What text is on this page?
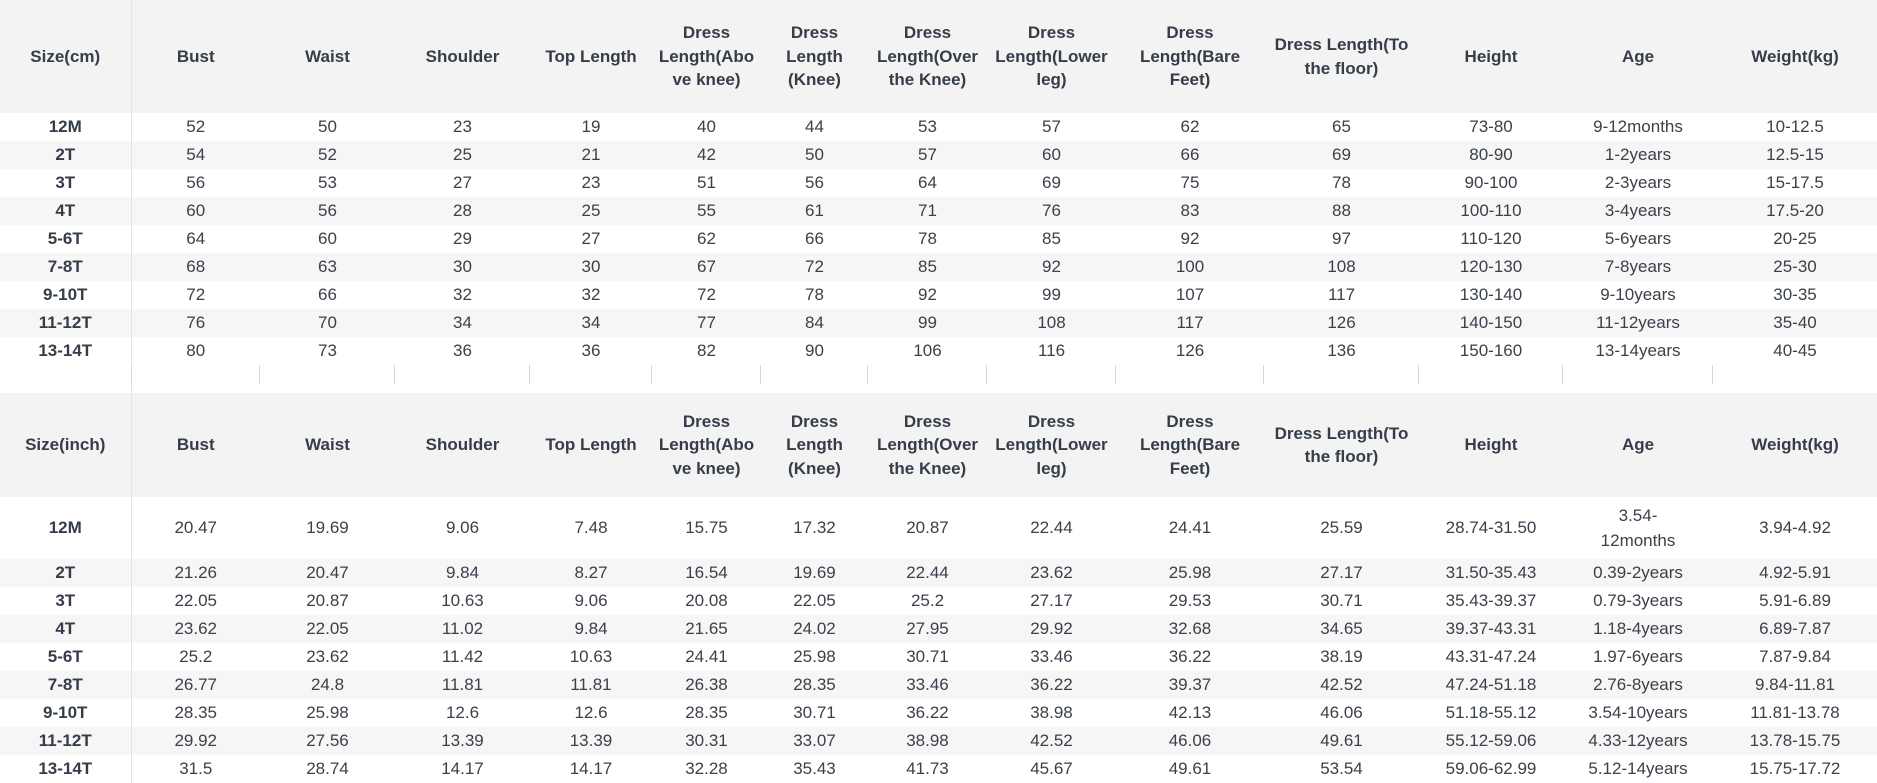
Size(cm)	Bust	Waist	Shoulder	Top Length	Dress Length(Above knee)	Dress Length (Knee)	Dress Length(Over the Knee)	Dress Length(Lower leg)	Dress Length(Bare Feet)	Dress Length(To the floor)	Height	Age	Weight(kg)
12M	52	50	23	19	40	44	53	57	62	65	73-80	9-12months	10-12.5
2T	54	52	25	21	42	50	57	60	66	69	80-90	1-2years	12.5-15
3T	56	53	27	23	51	56	64	69	75	78	90-100	2-3years	15-17.5
4T	60	56	28	25	55	61	71	76	83	88	100-110	3-4years	17.5-20
5-6T	64	60	29	27	62	66	78	85	92	97	110-120	5-6years	20-25
7-8T	68	63	30	30	67	72	85	92	100	108	120-130	7-8years	25-30
9-10T	72	66	32	32	72	78	92	99	107	117	130-140	9-10years	30-35
11-12T	76	70	34	34	77	84	99	108	117	126	140-150	11-12years	35-40
13-14T	80	73	36	36	82	90	106	116	126	136	150-160	13-14years	40-45

Size(inch)	Bust	Waist	Shoulder	Top Length	Dress Length(Above knee)	Dress Length (Knee)	Dress Length(Over the Knee)	Dress Length(Lower leg)	Dress Length(Bare Feet)	Dress Length(To the floor)	Height	Age	Weight(kg)
12M	20.47	19.69	9.06	7.48	15.75	17.32	20.87	22.44	24.41	25.59	28.74-31.50	3.54-12months	3.94-4.92
2T	21.26	20.47	9.84	8.27	16.54	19.69	22.44	23.62	25.98	27.17	31.50-35.43	0.39-2years	4.92-5.91
3T	22.05	20.87	10.63	9.06	20.08	22.05	25.2	27.17	29.53	30.71	35.43-39.37	0.79-3years	5.91-6.89
4T	23.62	22.05	11.02	9.84	21.65	24.02	27.95	29.92	32.68	34.65	39.37-43.31	1.18-4years	6.89-7.87
5-6T	25.2	23.62	11.42	10.63	24.41	25.98	30.71	33.46	36.22	38.19	43.31-47.24	1.97-6years	7.87-9.84
7-8T	26.77	24.8	11.81	11.81	26.38	28.35	33.46	36.22	39.37	42.52	47.24-51.18	2.76-8years	9.84-11.81
9-10T	28.35	25.98	12.6	12.6	28.35	30.71	36.22	38.98	42.13	46.06	51.18-55.12	3.54-10years	11.81-13.78
11-12T	29.92	27.56	13.39	13.39	30.31	33.07	38.98	42.52	46.06	49.61	55.12-59.06	4.33-12years	13.78-15.75
13-14T	31.5	28.74	14.17	14.17	32.28	35.43	41.73	45.67	49.61	53.54	59.06-62.99	5.12-14years	15.75-17.72
